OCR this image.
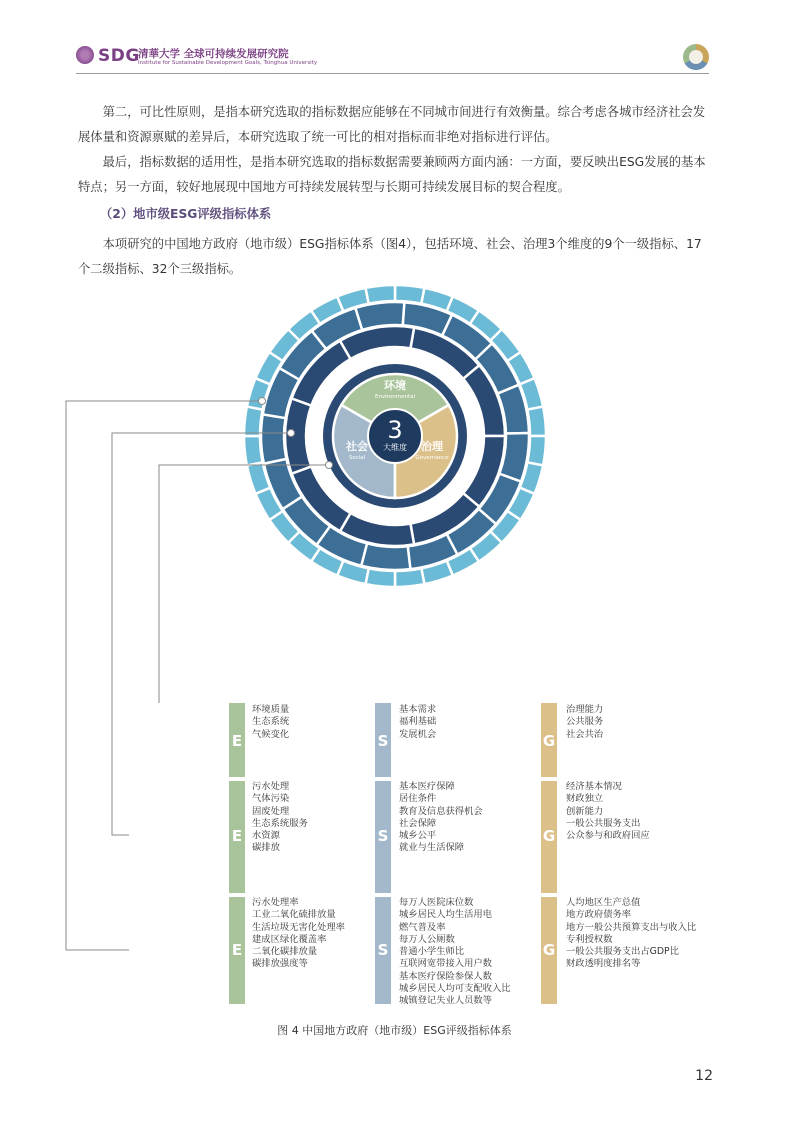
SDG
清華大学 全球可持续发展研究院
Institute for Sustainable Development Goals, Tsinghua University
第二，可比性原则，是指本研究选取的指标数据应能够在不同城市间进行有效衡量。综合考虑各城市经济社会发展体量和资源禀赋的差异后，本研究选取了统一可比的相对指标而非绝对指标进行评估。
最后，指标数据的适用性，是指本研究选取的指标数据需要兼顾两方面内涵：一方面，要反映出ESG发展的基本特点；另一方面，较好地展现中国地方可持续发展转型与长期可持续发展目标的契合程度。
（2）地市级ESG评级指标体系
本项研究的中国地方政府（地市级）ESG指标体系（图4），包括环境、社会、治理3个维度的9个一级指标、17个二级指标、32个三级指标。
3
大维度
环境
Environmental
社会
Social
治理
Governance
9个
一级指标
17个
二级指标
32个
三级指标
E
E
E
环境质量
生态系统
气候变化
污水处理
气体污染
固废处理
生态系统服务
水资源
碳排放
污水处理率
工业二氧化硫排放量
生活垃圾无害化处理率
建成区绿化覆盖率
二氧化碳排放量
碳排放强度等
S
S
S
基本需求
福利基础
发展机会
基本医疗保障
居住条件
教育及信息获得机会
社会保障
城乡公平
就业与生活保障
每万人医院床位数
城乡居民人均生活用电
燃气普及率
每万人公厕数
普通小学生师比
互联网宽带接入用户数
基本医疗保险参保人数
城乡居民人均可支配收入比
城镇登记失业人员数等
G
G
G
治理能力
公共服务
社会共治
经济基本情况
财政独立
创新能力
一般公共服务支出
公众参与和政府回应
人均地区生产总值
地方政府债务率
地方一般公共预算支出与收入比
专利授权数
一般公共服务支出占GDP比
财政透明度排名等
图 4 中国地方政府（地市级）ESG评级指标体系
12
